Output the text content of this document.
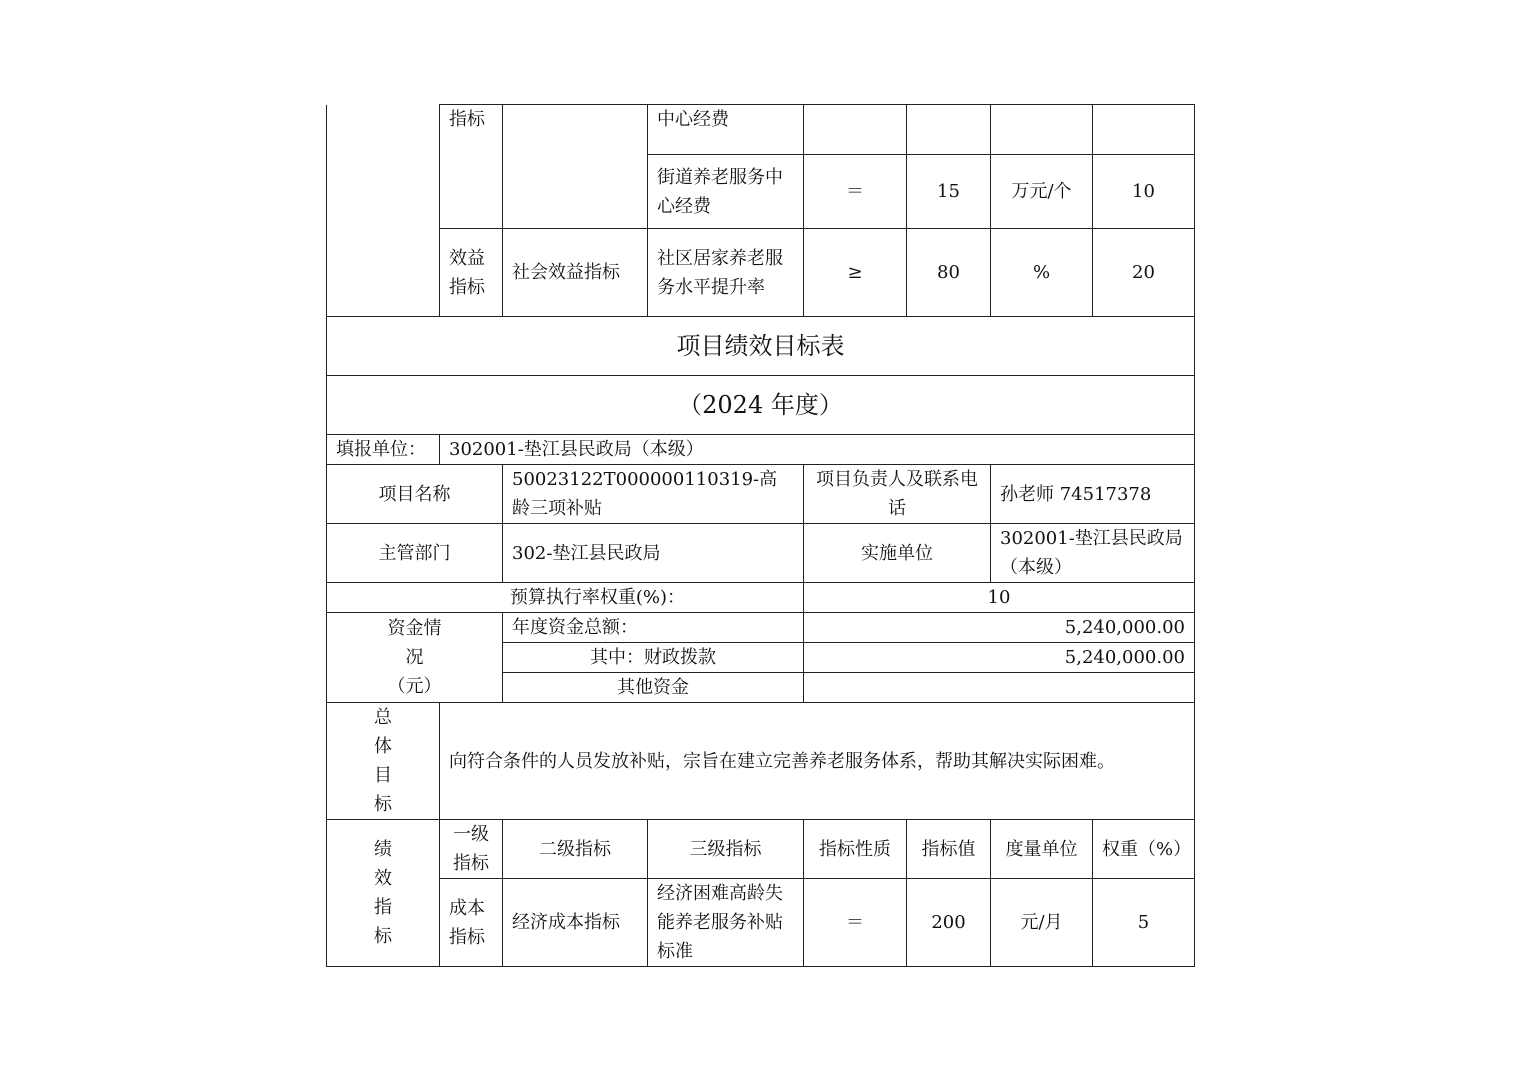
	指标		中心经费				
			街道养老服务中心经费	＝	15	万元/个	10
	效益指标	社会效益指标	社区居家养老服务水平提升率	≥	80	%	20
项目绩效目标表							
（2024 年度）							
填报单位：	302001-垫江县民政局（本级）						
项目名称		50023122T000000110319-高龄三项补贴		项目负责人及联系电话		孙老师 74517378	
主管部门		302-垫江县民政局		实施单位		302001-垫江县民政局（本级）	
预算执行率权重(%)：				10			
资金情况（元）		年度资金总额：		5,240,000.00			
		其中：财政拨款		5,240,000.00			
		其他资金					
总体目标	向符合条件的人员发放补贴，宗旨在建立完善养老服务体系，帮助其解决实际困难。						
绩效指标	一级指标	二级指标	三级指标	指标性质	指标值	度量单位	权重（%）
	成本指标	经济成本指标	经济困难高龄失能养老服务补贴标准	＝	200	元/月	5
